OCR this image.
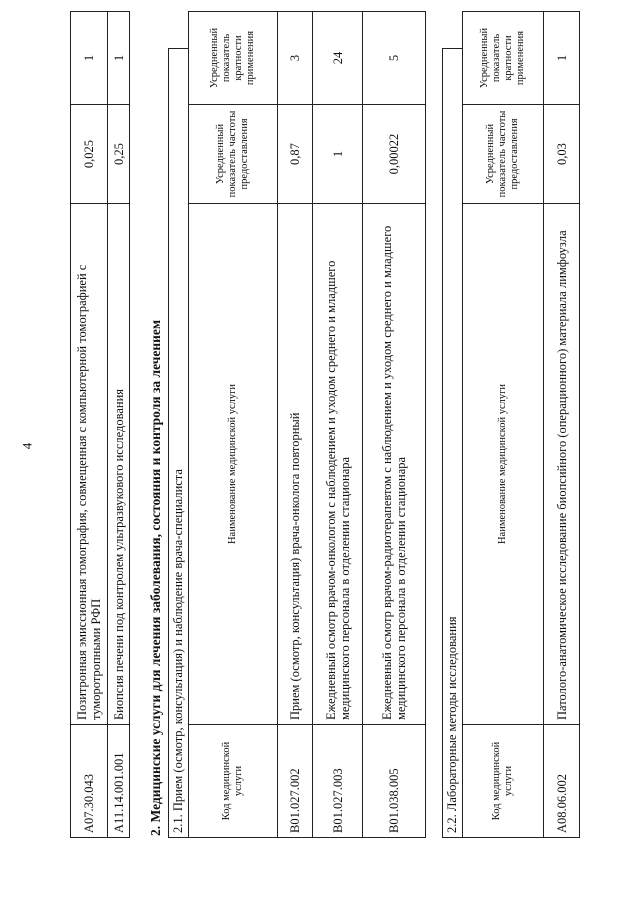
4
A07.30.043	Позитронная эмиссионная томография, совмещенная с компьютерной томографией с туморотропными РФП	0,025	1
A11.14.001.001	Биопсия печени под контролем ультразвукового исследования	0,25	1
2. Медицинские услуги для лечения заболевания, состояния и контроля за лечением 2.1. Прием (осмотр, консультация) и наблюдение врача-специалиста	Код медицинской услуги	Наименование медицинской услуги	Усредненный показатель частоты предоставления	Усредненный показатель кратности применения
B01.027.002	Прием (осмотр, консультация) врача-онколога повторный	0,87	3
B01.027.003	Ежедневный осмотр врачом-онкологом с наблюдением и уходом среднего и младшего медицинского персонала в отделении стационара	1	24
B01.038.005	Ежедневный осмотр врачом-радиотерапевтом с наблюдением и уходом среднего и младшего медицинского персонала в отделении стационара	0,00022	5
2.2. Лабораторные методы исследования	Код медицинской услуги	Наименование медицинской услуги	Усредненный показатель частоты предоставления	Усредненный показатель кратности применения
A08.06.002	Патолого-анатомическое исследование биопсийного (операционного) материала лимфоузла	0,03	1
